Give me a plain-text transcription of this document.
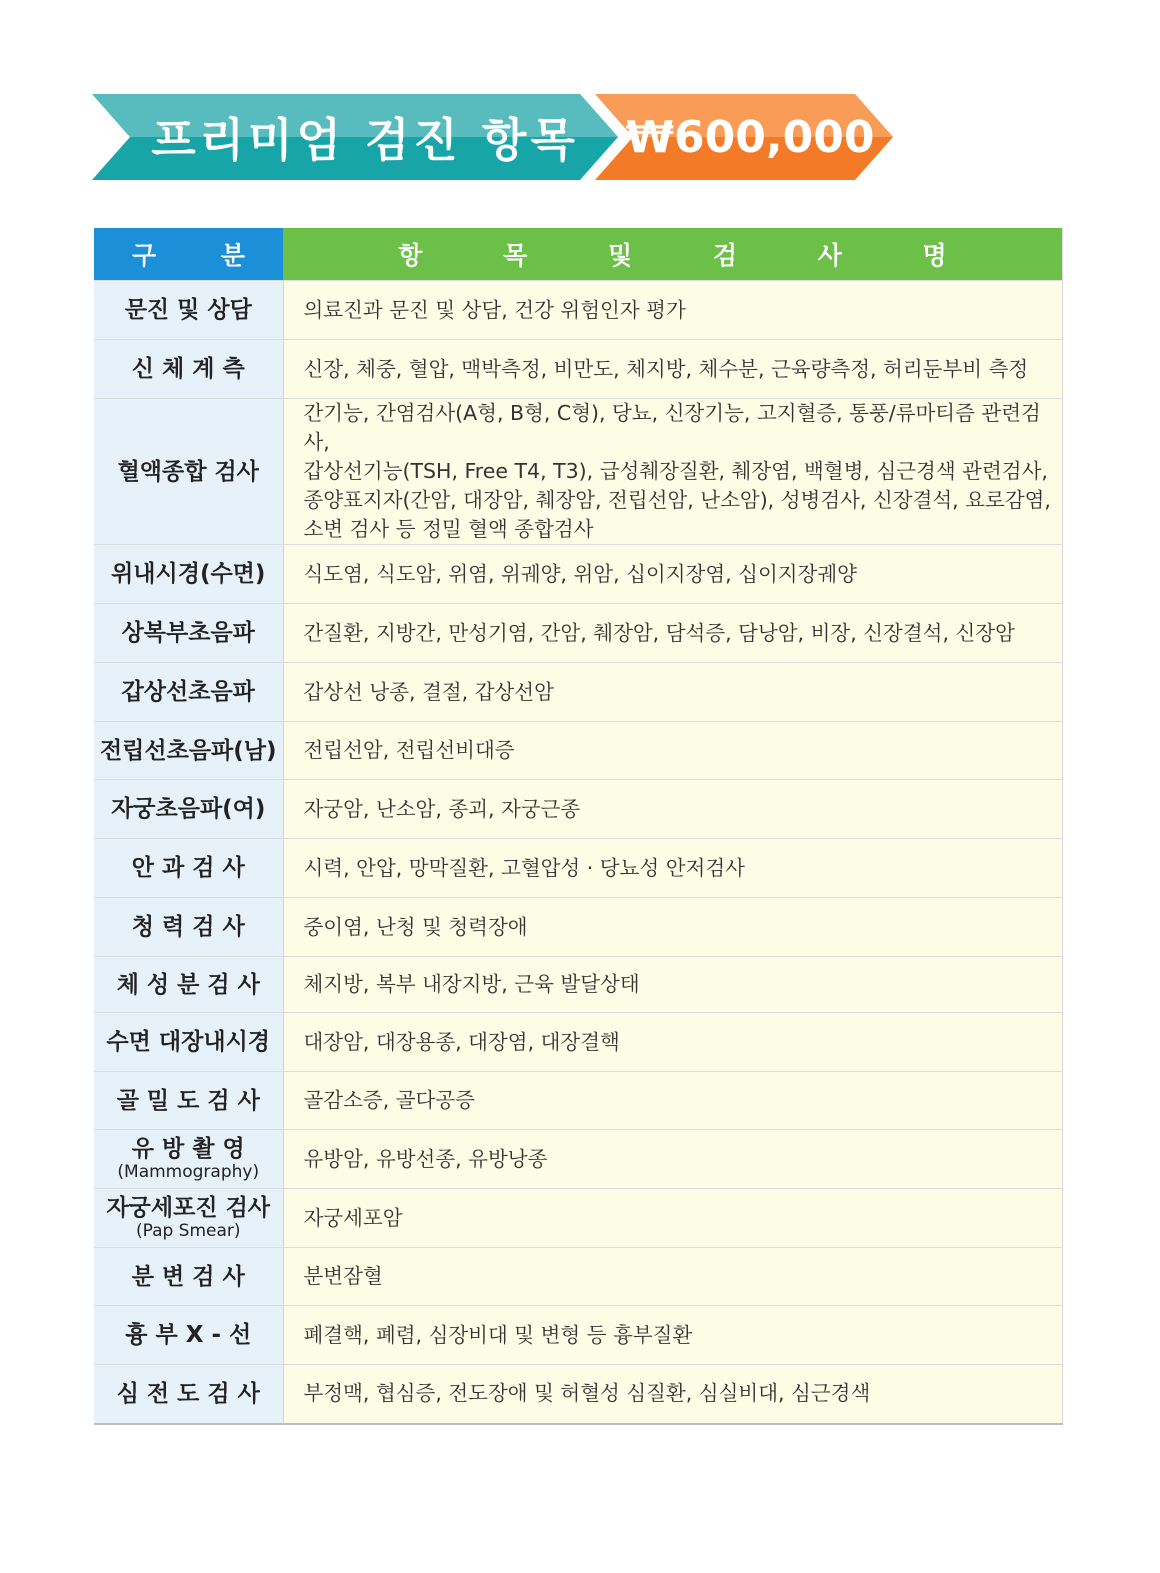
프리미엄 검진 항목	₩600,000
구 분	항 목 및 검 사 명

문진 및 상담	의료진과 문진 및 상담, 건강 위험인자 평가

신 체 계 측	신장, 체중, 혈압, 맥박측정, 비만도, 체지방, 체수분, 근육량측정, 허리둔부비 측정

혈액종합 검사	간기능, 간염검사(A형, B형, C형), 당뇨, 신장기능, 고지혈증, 통풍/류마티즘 관련검사,
갑상선기능(TSH, Free T4, T3), 급성췌장질환, 췌장염, 백혈병, 심근경색 관련검사,
종양표지자(간암, 대장암, 췌장암, 전립선암, 난소암), 성병검사, 신장결석, 요로감염,
소변 검사 등 정밀 혈액 종합검사

위내시경(수면)	식도염, 식도암, 위염, 위궤양, 위암, 십이지장염, 십이지장궤양

상복부초음파	간질환, 지방간, 만성기염, 간암, 췌장암, 담석증, 담낭암, 비장, 신장결석, 신장암

갑상선초음파	갑상선 낭종, 결절, 갑상선암

전립선초음파(남)	전립선암, 전립선비대증

자궁초음파(여)	자궁암, 난소암, 종괴, 자궁근종

안 과 검 사	시력, 안압, 망막질환, 고혈압성 · 당뇨성 안저검사

청 력 검 사	중이염, 난청 및 청력장애

체 성 분 검 사	체지방, 복부 내장지방, 근육 발달상태

수면 대장내시경	대장암, 대장용종, 대장염, 대장결핵

골 밀 도 검 사	골감소증, 골다공증

유 방 촬 영
(Mammography)	유방암, 유방선종, 유방낭종

자궁세포진 검사
(Pap Smear)	자궁세포암

분 변 검 사	분변잠혈

흉 부 X - 선	폐결핵, 폐렴, 심장비대 및 변형 등 흉부질환

심 전 도 검 사	부정맥, 협심증, 전도장애 및 허혈성 심질환, 심실비대, 심근경색
